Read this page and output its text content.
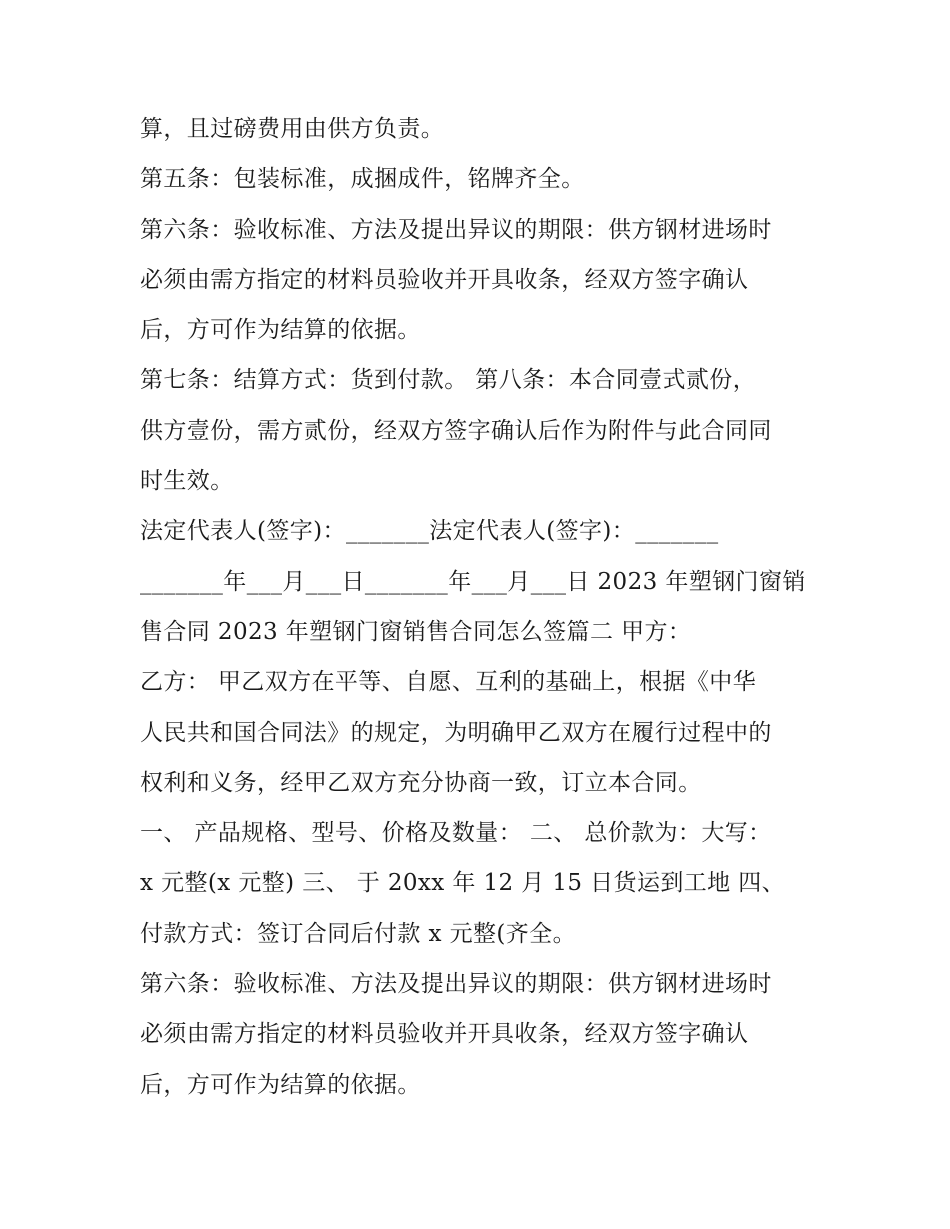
算，且过磅费用由供方负责。
第五条：包装标准，成捆成件，铭牌齐全。
第六条：验收标准、方法及提出异议的期限：供方钢材进场时
必须由需方指定的材料员验收并开具收条，经双方签字确认
后，方可作为结算的依据。
第七条：结算方式：货到付款。 第八条：本合同壹式贰份，
供方壹份，需方贰份，经双方签字确认后作为附件与此合同同
时生效。
法定代表人(签字)：_______法定代表人(签字)：_______
_______年___月___日_______年___月___日 2023 年塑钢门窗销
售合同 2023 年塑钢门窗销售合同怎么签篇二 甲方：
乙方： 甲乙双方在平等、自愿、互利的基础上，根据《中华
人民共和国合同法》的规定，为明确甲乙双方在履行过程中的
权利和义务，经甲乙双方充分协商一致，订立本合同。
一、 产品规格、型号、价格及数量： 二、 总价款为：大写：
x 元整(x 元整) 三、 于 20xx 年 12 月 15 日货运到工地 四、
付款方式：签订合同后付款 x 元整(齐全。
第六条：验收标准、方法及提出异议的期限：供方钢材进场时
必须由需方指定的材料员验收并开具收条，经双方签字确认
后，方可作为结算的依据。
